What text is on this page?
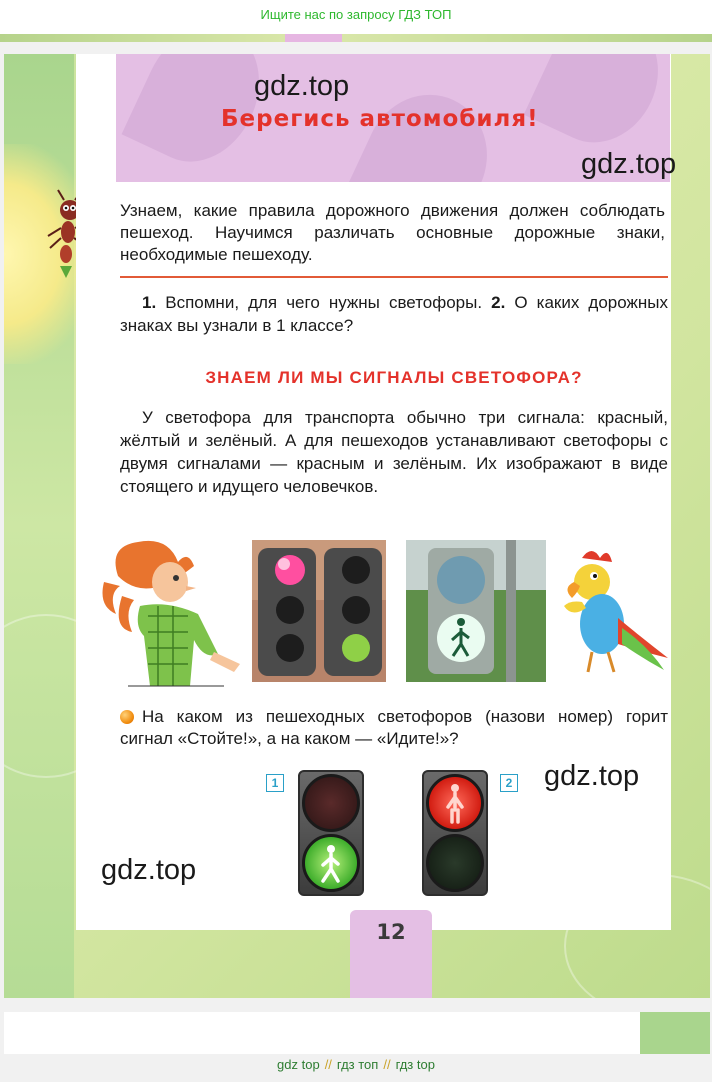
Ищите нас по запросу ГДЗ ТОП
Берегись автомобиля!
gdz.top
gdz.top
Узнаем, какие правила дорожного движения должен соблюдать пешеход. Научимся различать основные дорожные знаки, необходимые пешеходу.
1. Вспомни, для чего нужны светофоры. 2. О каких дорожных знаках вы узнали в 1 классе?
ЗНАЕМ ЛИ МЫ СИГНАЛЫ СВЕТОФОРА?
У светофора для транспорта обычно три сигнала: красный, жёлтый и зелёный. А для пешеходов устанавливают светофоры с двумя сигналами — красным и зелёным. Их изображают в виде стоящего и идущего человечков.
На каком из пешеходных светофоров (назови номер) горит сигнал «Стойте!», а на каком — «Идите!»?
gdz.top
gdz.top
1	2
12
gdz top // гдз топ // гдз top
